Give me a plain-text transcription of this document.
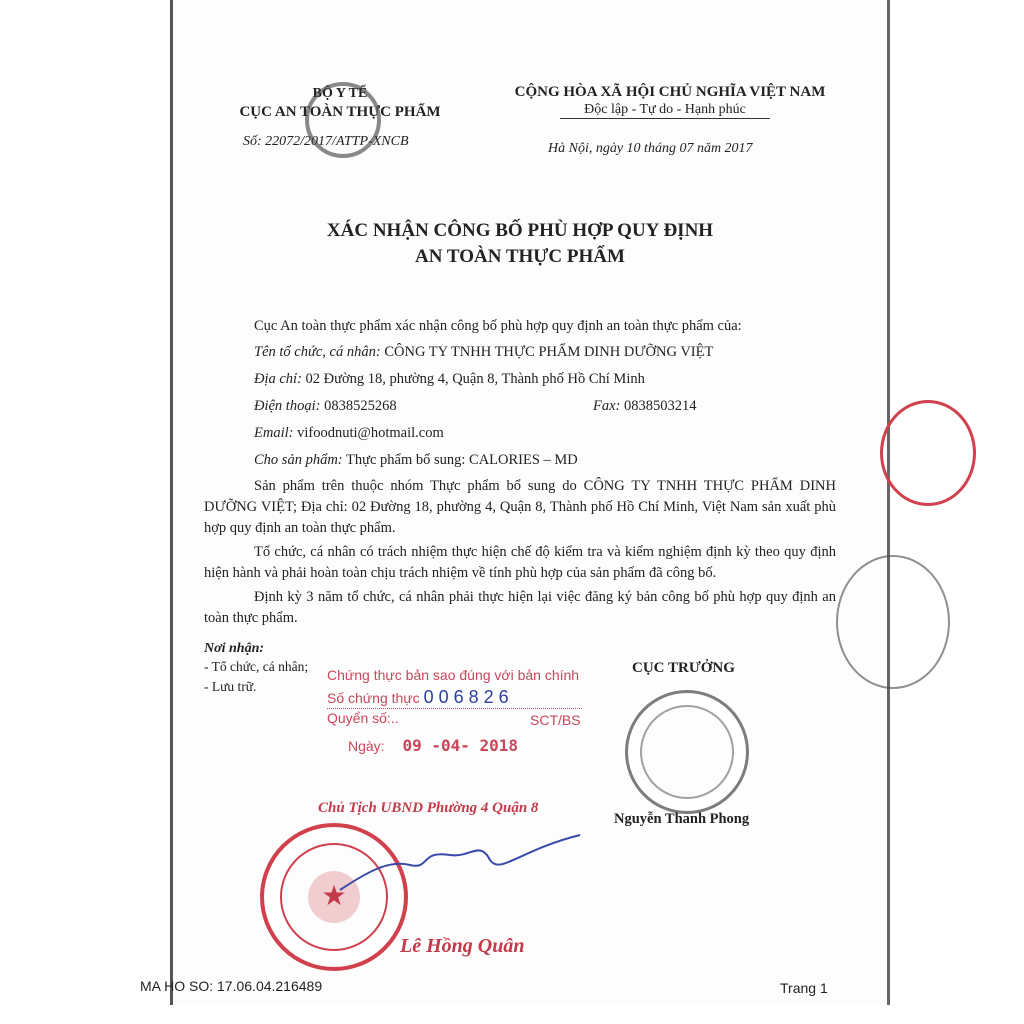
BỘ Y TẾ
CỤC AN TOÀN THỰC PHẨM
Số: 22072/2017/ATTP-XNCB
CỘNG HÒA XÃ HỘI CHỦ NGHĨA VIỆT NAM
Độc lập - Tự do - Hạnh phúc
Hà Nội, ngày 10 tháng 07 năm 2017
XÁC NHẬN CÔNG BỐ PHÙ HỢP QUY ĐỊNH
AN TOÀN THỰC PHẨM
Cục An toàn thực phẩm xác nhận công bố phù hợp quy định an toàn thực phẩm của:
Tên tổ chức, cá nhân: CÔNG TY TNHH THỰC PHẨM DINH DƯỠNG VIỆT
Địa chỉ: 02 Đường 18, phường 4, Quận 8, Thành phố Hồ Chí Minh
Điện thoại: 0838525268	Fax: 0838503214
Email: vifoodnuti@hotmail.com
Cho sản phẩm: Thực phẩm bổ sung: CALORIES – MD
Sản phẩm trên thuộc nhóm Thực phẩm bổ sung do CÔNG TY TNHH THỰC PHẨM DINH DƯỠNG VIỆT; Địa chỉ: 02 Đường 18, phường 4, Quận 8, Thành phố Hồ Chí Minh, Việt Nam sản xuất phù hợp quy định an toàn thực phẩm.
Tổ chức, cá nhân có trách nhiệm thực hiện chế độ kiểm tra và kiểm nghiệm định kỳ theo quy định hiện hành và phải hoàn toàn chịu trách nhiệm về tính phù hợp của sản phẩm đã công bố.
Định kỳ 3 năm tổ chức, cá nhân phải thực hiện lại việc đăng ký bản công bố phù hợp quy định an toàn thực phẩm.
Nơi nhận:
- Tổ chức, cá nhân;
- Lưu trữ.
Chứng thực bản sao đúng với bản chính
Số chứng thực 0 0 6 8 2 6
Quyển số:..	SCT/BS
Ngày: 09 -04- 2018
CỤC TRƯỞNG
Nguyễn Thanh Phong
Chủ Tịch UBND Phường 4 Quận 8
★
Lê Hồng Quân
MA HO SO: 17.06.04.216489	Trang 1
